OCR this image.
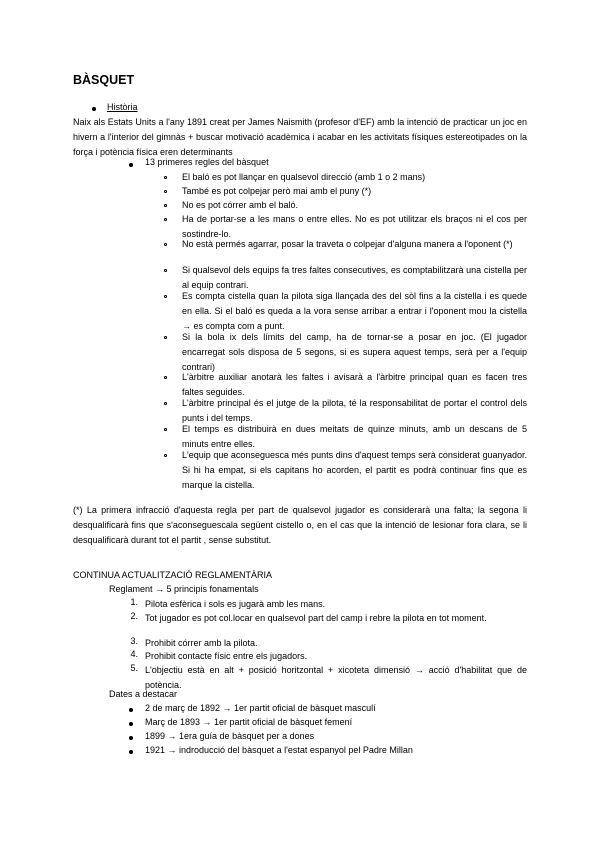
BÀSQUET
Història

Naix als Estats Units a l'any 1891 creat per James Naismith (profesor d'EF) amb la intenció de practicar un joc en hivern a l'interior del gimnàs + buscar motivació acadèmica i acabar en les activitats físiques estereotipades on la força i potència física eren determinants

13 primeres regles del bàsquet

El baló es pot llançar en qualsevol direcció (amb 1 o 2 mans)

També es pot colpejar però mai amb el puny (*)

No es pot córrer amb el baló.

Ha de portar-se a les mans o entre elles. No es pot utilitzar els braços ni el cos per sostindre-lo.

No està permés agarrar, posar la traveta o colpejar d'alguna manera a l'oponent (*)

Si qualsevol dels equips fa tres faltes consecutives, es comptabilitzarà una cistella per al equip contrari.

Es compta cistella quan la pilota siga llançada des del sòl fins a la cistella i es quede en ella. Si el baló es queda a la vora sense arribar a entrar i l'oponent mou la cistella → es compta com a punt.

Si la bola ix dels límits del camp, ha de tornar-se a posar en joc. (El jugador encarregat sols disposa de 5 segons, si es supera aquest temps, serà per a l'equip contrari)

L'àrbitre auxiliar anotarà les faltes i avisarà a l'àrbitre principal quan es facen tres faltes seguides.

L'àrbitre principal és el jutge de la pilota, té la responsabilitat de portar el control dels punts i del temps.

El temps es distribuirà en dues meitats de quinze minuts, amb un descans de 5 minuts entre elles.

L'equip que aconseguesca més punts dins d'aquest temps serà considerat guanyador. Si hi ha empat, si els capitans ho acorden, el partit es podrà continuar fins que es marque la cistella.

(*) La primera infracció d'aquesta regla per part de qualsevol jugador es considerarà una falta; la segona li desqualificarà fins que s'aconseguescala següent cistello o, en el cas que la intenció de lesionar fora clara, se li desqualificarà durant tot el partit , sense substitut.

CONTINUA ACTUALITZACIÓ REGLAMENTÀRIA
Reglament → 5 principis fonamentals
1. Pilota esfèrica i sols es jugarà amb les mans.

2. Tot jugador es pot col.locar en qualsevol part del camp i rebre la pilota en tot moment.

3. Prohibit córrer amb la pilota.

4. Prohibit contacte físic entre els jugadors.

5. L'objectiu està en alt + posició horitzontal + xicoteta dimensió → acció d'habilitat que de potència.

Dates a destacar
2 de març de 1892 → 1er partit oficial de bàsquet masculí
Març de 1893 → 1er partit oficial de bàsquet femení
1899 → 1era guía de bàsquet per a dones
1921 → indroducció del bàsquet a l'estat espanyol pel Padre Millan
